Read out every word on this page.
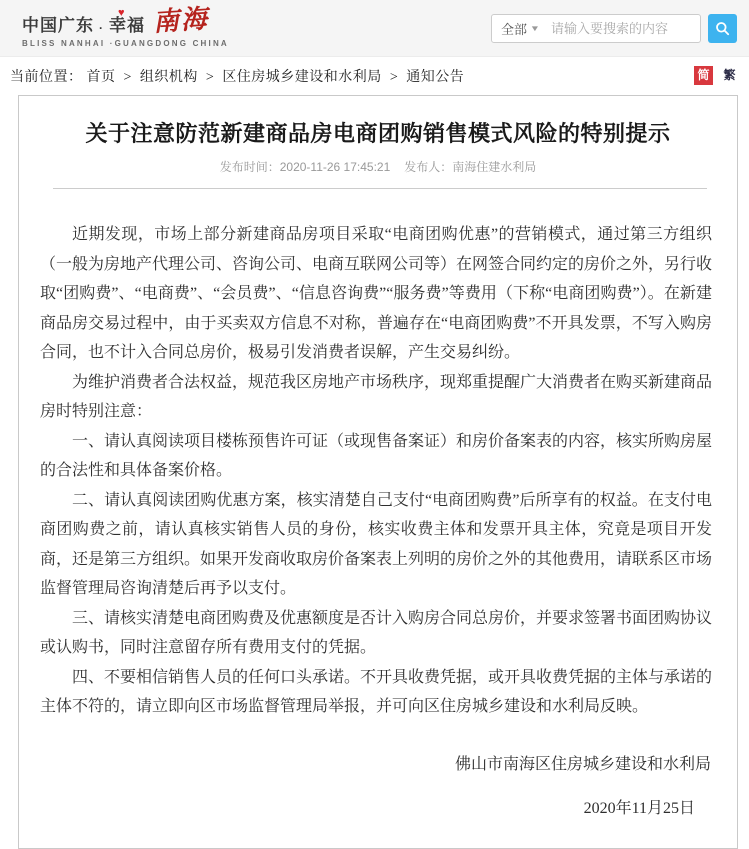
中国广东 ·
♥
幸福 南海
BLISS NANHAI ·GUANGDONG CHINA
全部 ▼
请输入要搜索的内容
当前位置： 首页 > 组织机构 > 区住房城乡建设和水利局 > 通知公告	简 繁
关于注意防范新建商品房电商团购销售模式风险的特别提示
发布时间：2020-11-26 17:45:21 发布人：南海住建水利局

近期发现，市场上部分新建商品房项目采取“电商团购优惠”的营销模式，通过第三方组织（一般为房地产代理公司、咨询公司、电商互联网公司等）在网签合同约定的房价之外，另行收取“团购费”、“电商费”、“会员费”、“信息咨询费”“服务费”等费用（下称“电商团购费”）。在新建商品房交易过程中，由于买卖双方信息不对称，普遍存在“电商团购费”不开具发票，不写入购房合同，也不计入合同总房价，极易引发消费者误解，产生交易纠纷。

为维护消费者合法权益，规范我区房地产市场秩序，现郑重提醒广大消费者在购买新建商品房时特别注意：

一、请认真阅读项目楼栋预售许可证（或现售备案证）和房价备案表的内容，核实所购房屋的合法性和具体备案价格。

二、请认真阅读团购优惠方案，核实清楚自己支付“电商团购费”后所享有的权益。在支付电商团购费之前，请认真核实销售人员的身份，核实收费主体和发票开具主体，究竟是项目开发商，还是第三方组织。如果开发商收取房价备案表上列明的房价之外的其他费用，请联系区市场监督管理局咨询清楚后再予以支付。

三、请核实清楚电商团购费及优惠额度是否计入购房合同总房价，并要求签署书面团购协议或认购书，同时注意留存所有费用支付的凭据。

四、不要相信销售人员的任何口头承诺。不开具收费凭据，或开具收费凭据的主体与承诺的主体不符的，请立即向区市场监督管理局举报，并可向区住房城乡建设和水利局反映。

佛山市南海区住房城乡建设和水利局
2020年11月25日
